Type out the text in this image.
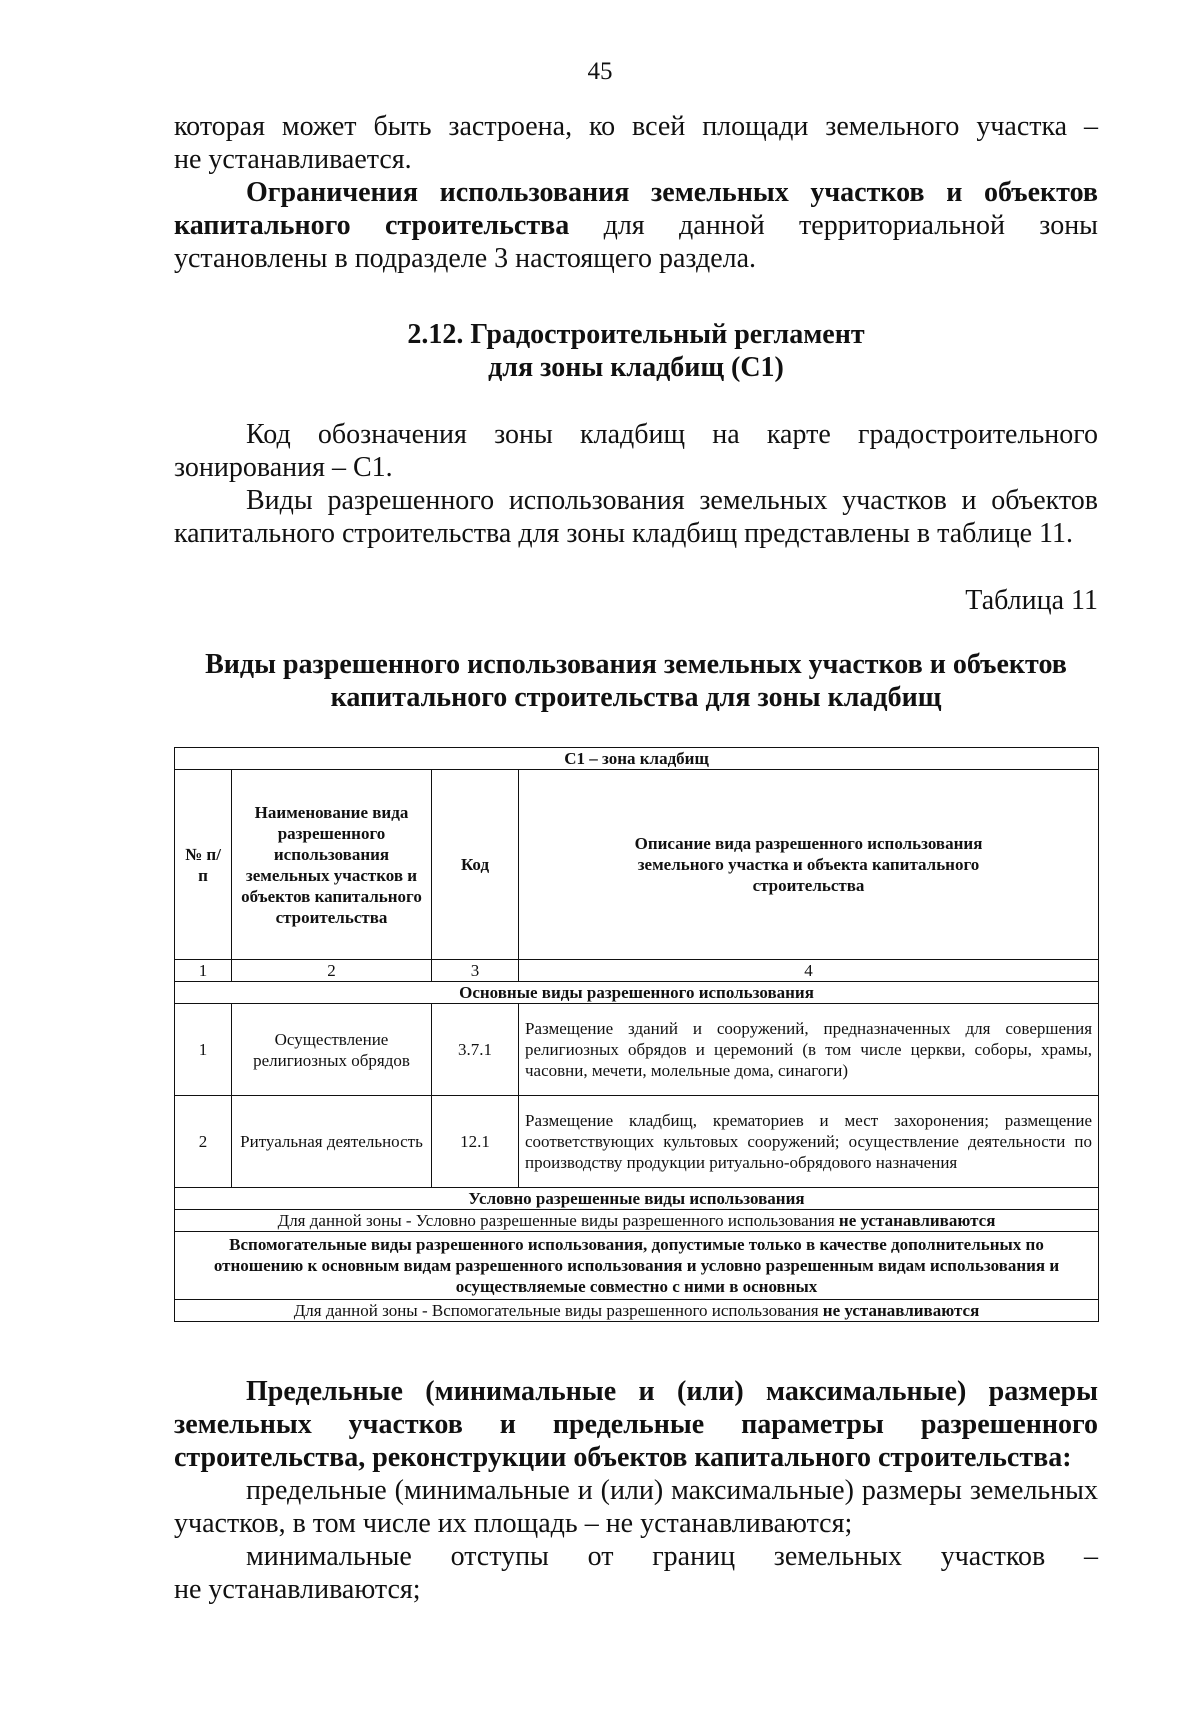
45
которая может быть застроена, ко всей площади земельного участка –
не устанавливается.
Ограничения использования земельных участков и объектов капитального строительства для данной территориальной зоны установлены в подразделе 3 настоящего раздела.
2.12. Градостроительный регламент
для зоны кладбищ (С1)
Код обозначения зоны кладбищ на карте градостроительного зонирования – С1.
Виды разрешенного использования земельных участков и объектов капитального строительства для зоны кладбищ представлены в таблице 11.
Таблица 11
Виды разрешенного использования земельных участков и объектов
капитального строительства для зоны кладбищ
С1 – зона кладбищ			
№ п/п	Наименование вида разрешенного использования земельных участков и объектов капитального строительства	Код	Описание вида разрешенного использования земельного участка и объекта капитального строительства
1	2	3	4
Основные виды разрешенного использования			
1	Осуществление религиозных обрядов	3.7.1	Размещение зданий и сооружений, предназначенных для совершения религиозных обрядов и церемоний (в том числе церкви, соборы, храмы, часовни, мечети, молельные дома, синагоги)
2	Ритуальная деятельность	12.1	Размещение кладбищ, крематориев и мест захоронения; размещение соответствующих культовых сооружений; осуществление деятельности по производству продукции ритуально-обрядового назначения
Условно разрешенные виды использования			
Для данной зоны - Условно разрешенные виды разрешенного использования не устанавливаются			
Вспомогательные виды разрешенного использования, допустимые только в качестве дополнительных по отношению к основным видам разрешенного использования и условно разрешенным видам использования и осуществляемые совместно с ними в основных			
Для данной зоны - Вспомогательные виды разрешенного использования не устанавливаются			
Предельные (минимальные и (или) максимальные) размеры земельных участков и предельные параметры разрешенного строительства, реконструкции объектов капитального строительства:
предельные (минимальные и (или) максимальные) размеры земельных участков, в том числе их площадь – не устанавливаются;
минимальные отступы от границ земельных участков –
не устанавливаются;
